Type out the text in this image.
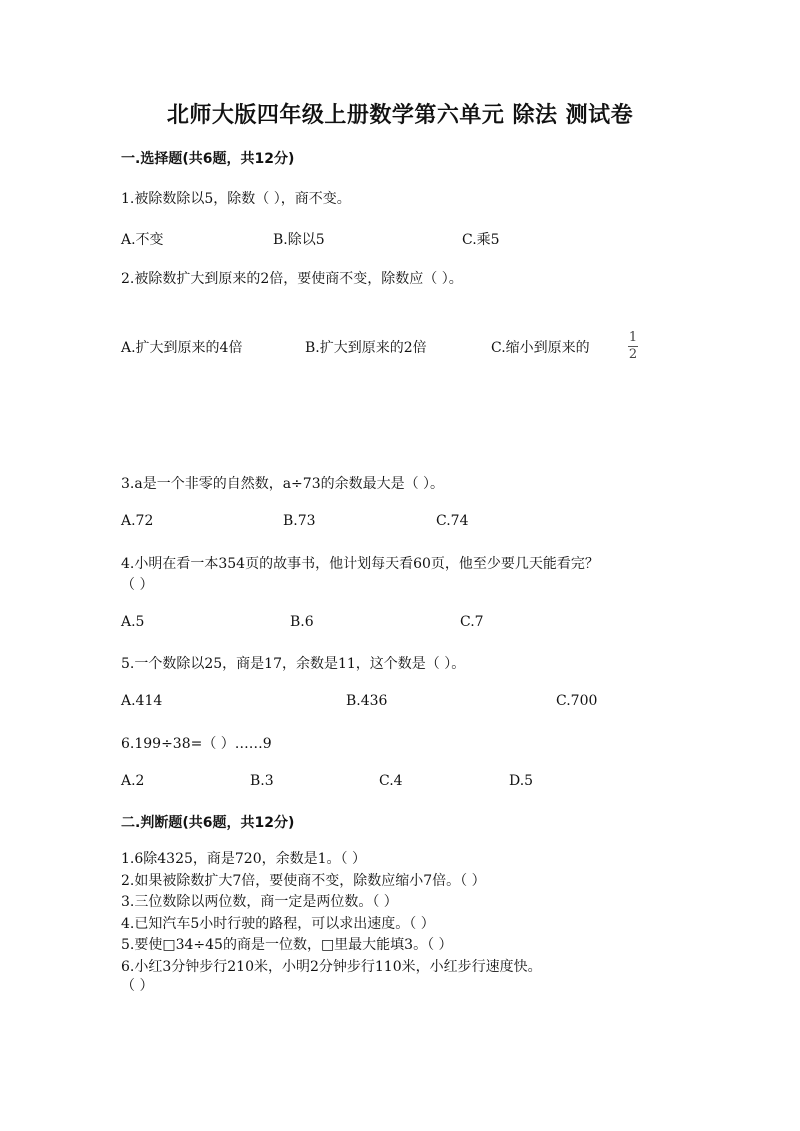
北师大版四年级上册数学第六单元 除法 测试卷
一.选择题(共6题，共12分)
1.被除数除以5，除数（ ），商不变。
A.不变	B.除以5	C.乘5
2.被除数扩大到原来的2倍，要使商不变，除数应（ ）。
A.扩大到原来的4倍	B.扩大到原来的2倍	C.缩小到原来的
1
2
3.a是一个非零的自然数，a÷73的余数最大是（ ）。
A.72	B.73	C.74
4.小明在看一本354页的故事书，他计划每天看60页，他至少要几天能看完？
（ ）
A.5	B.6	C.7
5.一个数除以25，商是17，余数是11，这个数是（ ）。
A.414	B.436	C.700
6.199÷38=（ ）……9
A.2	B.3	C.4	D.5
二.判断题(共6题，共12分)
1.6除4325，商是720，余数是1。（ ）
2.如果被除数扩大7倍，要使商不变，除数应缩小7倍。（ ）
3.三位数除以两位数，商一定是两位数。（ ）
4.已知汽车5小时行驶的路程，可以求出速度。（ ）
5.要使□34÷45的商是一位数，□里最大能填3。（ ）
6.小红3分钟步行210米，小明2分钟步行110米，小红步行速度快。
（ ）
